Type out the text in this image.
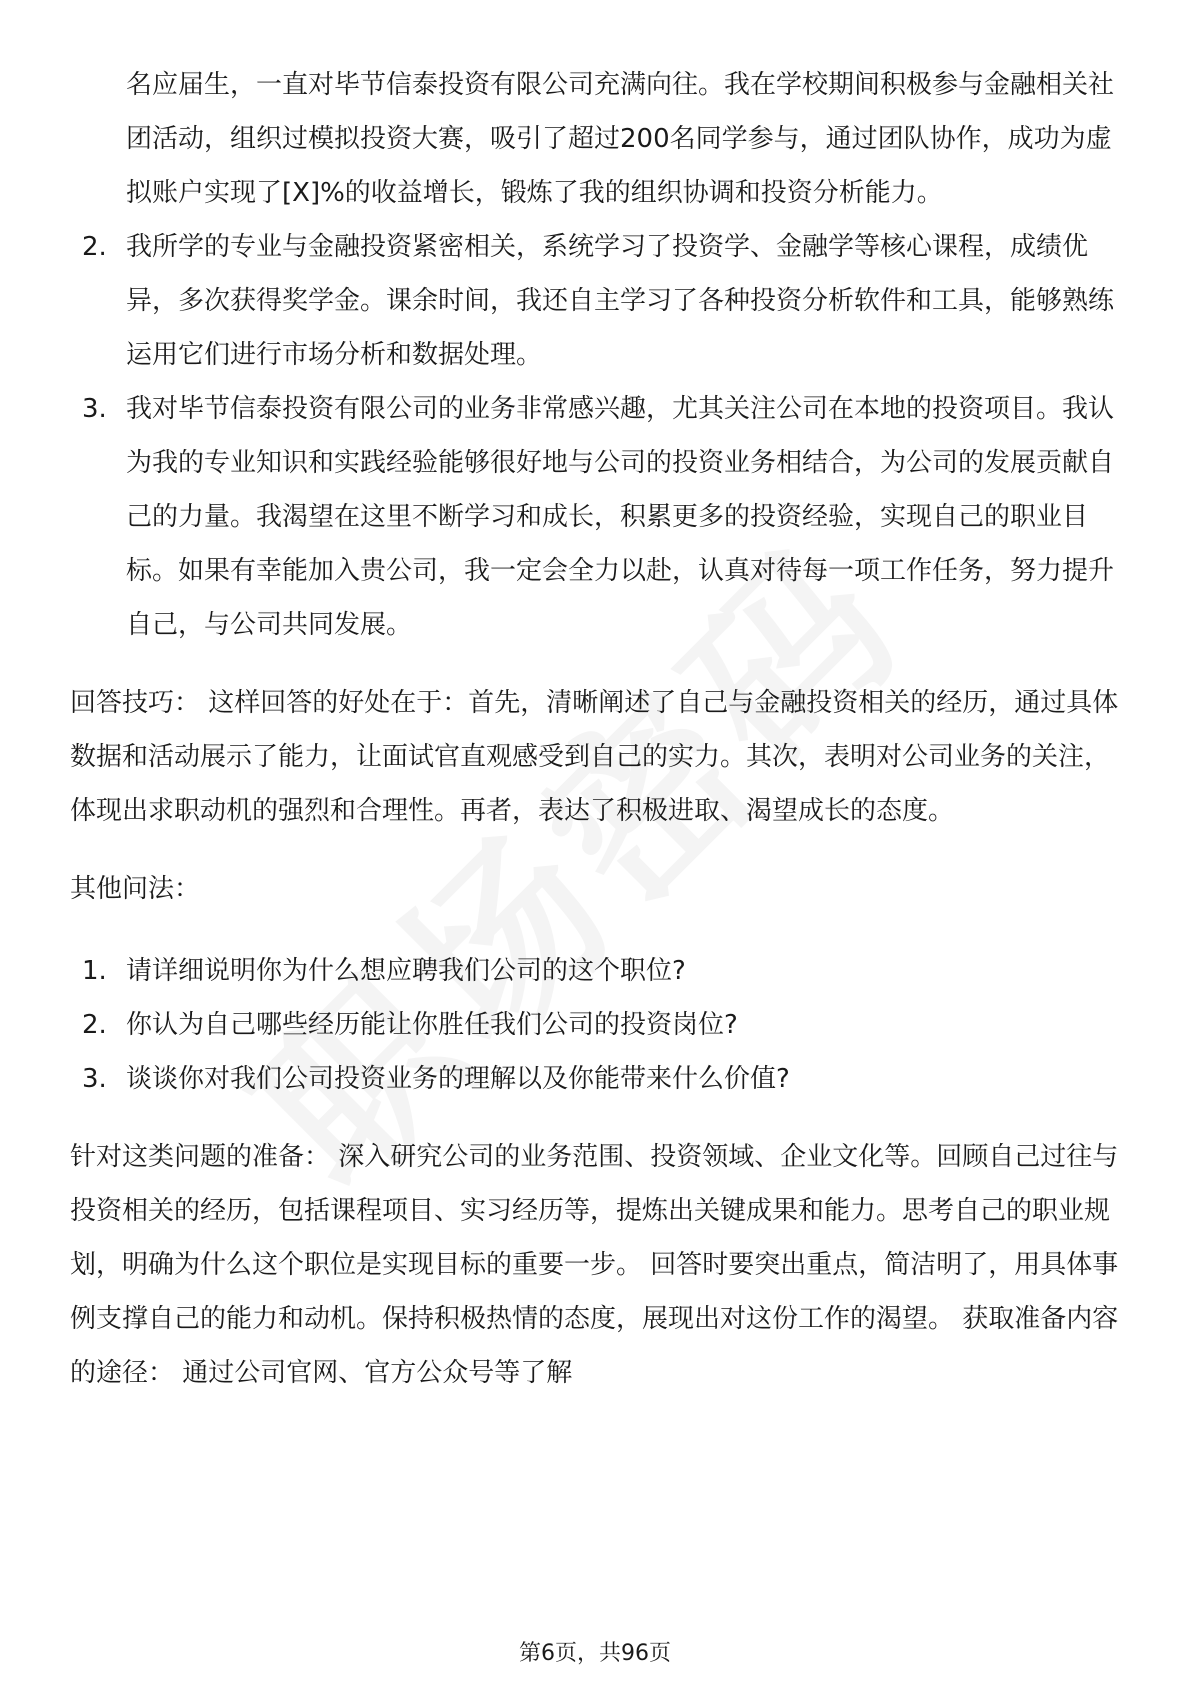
名应届生，一直对毕节信泰投资有限公司充满向往。我在学校期间积极参与金融相关社团活动，组织过模拟投资大赛，吸引了超过200名同学参与，通过团队协作，成功为虚拟账户实现了[X]%的收益增长，锻炼了我的组织协调和投资分析能力。
2. 我所学的专业与金融投资紧密相关，系统学习了投资学、金融学等核心课程，成绩优异，多次获得奖学金。课余时间，我还自主学习了各种投资分析软件和工具，能够熟练运用它们进行市场分析和数据处理。
3. 我对毕节信泰投资有限公司的业务非常感兴趣，尤其关注公司在本地的投资项目。我认为我的专业知识和实践经验能够很好地与公司的投资业务相结合，为公司的发展贡献自己的力量。我渴望在这里不断学习和成长，积累更多的投资经验，实现自己的职业目标。如果有幸能加入贵公司，我一定会全力以赴，认真对待每一项工作任务，努力提升自己，与公司共同发展。

回答技巧： 这样回答的好处在于：首先，清晰阐述了自己与金融投资相关的经历，通过具体数据和活动展示了能力，让面试官直观感受到自己的实力。其次，表明对公司业务的关注，体现出求职动机的强烈和合理性。再者，表达了积极进取、渴望成长的态度。

其他问法：

1. 请详细说明你为什么想应聘我们公司的这个职位?
2. 你认为自己哪些经历能让你胜任我们公司的投资岗位?
3. 谈谈你对我们公司投资业务的理解以及你能带来什么价值?

针对这类问题的准备： 深入研究公司的业务范围、投资领域、企业文化等。回顾自己过往与投资相关的经历，包括课程项目、实习经历等，提炼出关键成果和能力。思考自己的职业规划，明确为什么这个职位是实现目标的重要一步。 回答时要突出重点，简洁明了，用具体事例支撑自己的能力和动机。保持积极热情的态度，展现出对这份工作的渴望。 获取准备内容的途径： 通过公司官网、官方公众号等了解

第6页，共96页
